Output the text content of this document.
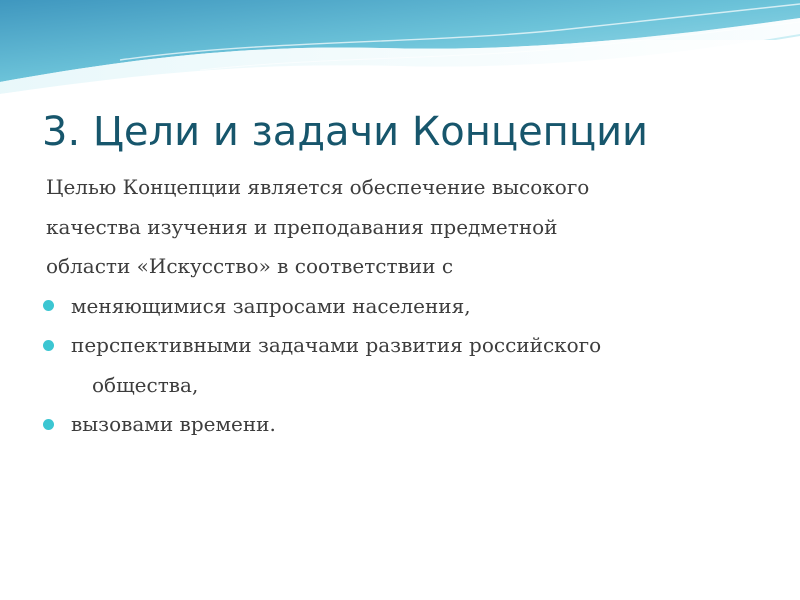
3. Цели и задачи Концепции
Целью Концепции является обеспечение высокого
качества изучения и преподавания предметной
области «Искусство» в соответствии с
меняющимися запросами населения,
перспективными задачами развития российского
общества,
вызовами времени.
